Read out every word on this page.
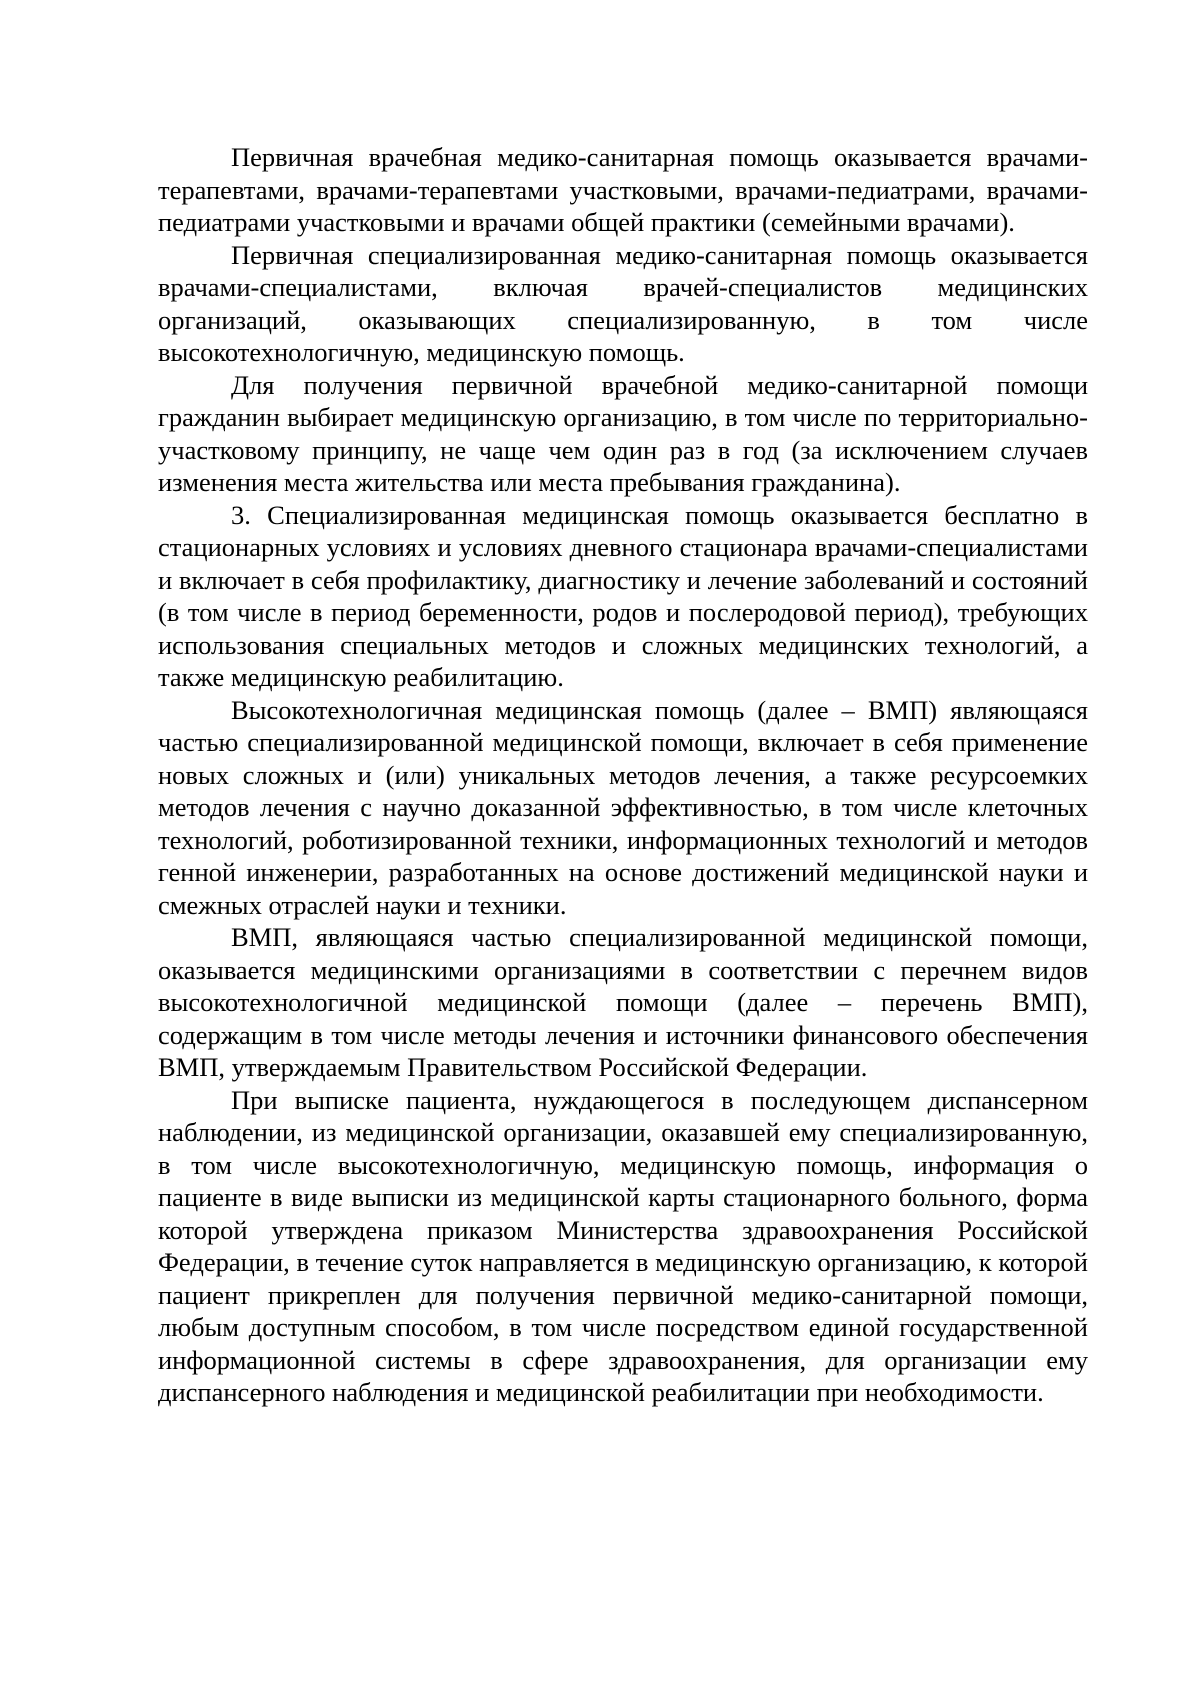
Первичная врачебная медико-санитарная помощь оказывается врачами-терапевтами, врачами-терапевтами участковыми, врачами-педиатрами, врачами-педиатрами участковыми и врачами общей практики (семейными врачами).

Первичная специализированная медико-санитарная помощь оказывается врачами-специалистами, включая врачей-специалистов медицинских организаций, оказывающих специализированную, в том числе высокотехнологичную, медицинскую помощь.

Для получения первичной врачебной медико-санитарной помощи гражданин выбирает медицинскую организацию, в том числе по территориально-участковому принципу, не чаще чем один раз в год (за исключением случаев изменения места жительства или места пребывания гражданина).

3. Специализированная медицинская помощь оказывается бесплатно в стационарных условиях и условиях дневного стационара врачами-специалистами и включает в себя профилактику, диагностику и лечение заболеваний и состояний (в том числе в период беременности, родов и послеродовой период), требующих использования специальных методов и сложных медицинских технологий, а также медицинскую реабилитацию.

Высокотехнологичная медицинская помощь (далее – ВМП) являющаяся частью специализированной медицинской помощи, включает в себя применение новых сложных и (или) уникальных методов лечения, а также ресурсоемких методов лечения с научно доказанной эффективностью, в том числе клеточных технологий, роботизированной техники, информационных технологий и методов генной инженерии, разработанных на основе достижений медицинской науки и смежных отраслей науки и техники.

ВМП, являющаяся частью специализированной медицинской помощи, оказывается медицинскими организациями в соответствии с перечнем видов высокотехнологичной медицинской помощи (далее – перечень ВМП), содержащим в том числе методы лечения и источники финансового обеспечения ВМП, утверждаемым Правительством Российской Федерации.

При выписке пациента, нуждающегося в последующем диспансерном наблюдении, из медицинской организации, оказавшей ему специализированную, в том числе высокотехнологичную, медицинскую помощь, информация о пациенте в виде выписки из медицинской карты стационарного больного, форма которой утверждена приказом Министерства здравоохранения Российской Федерации, в течение суток направляется в медицинскую организацию, к которой пациент прикреплен для получения первичной медико-санитарной помощи, любым доступным способом, в том числе посредством единой государственной информационной системы в сфере здравоохранения, для организации ему диспансерного наблюдения и медицинской реабилитации при необходимости.
